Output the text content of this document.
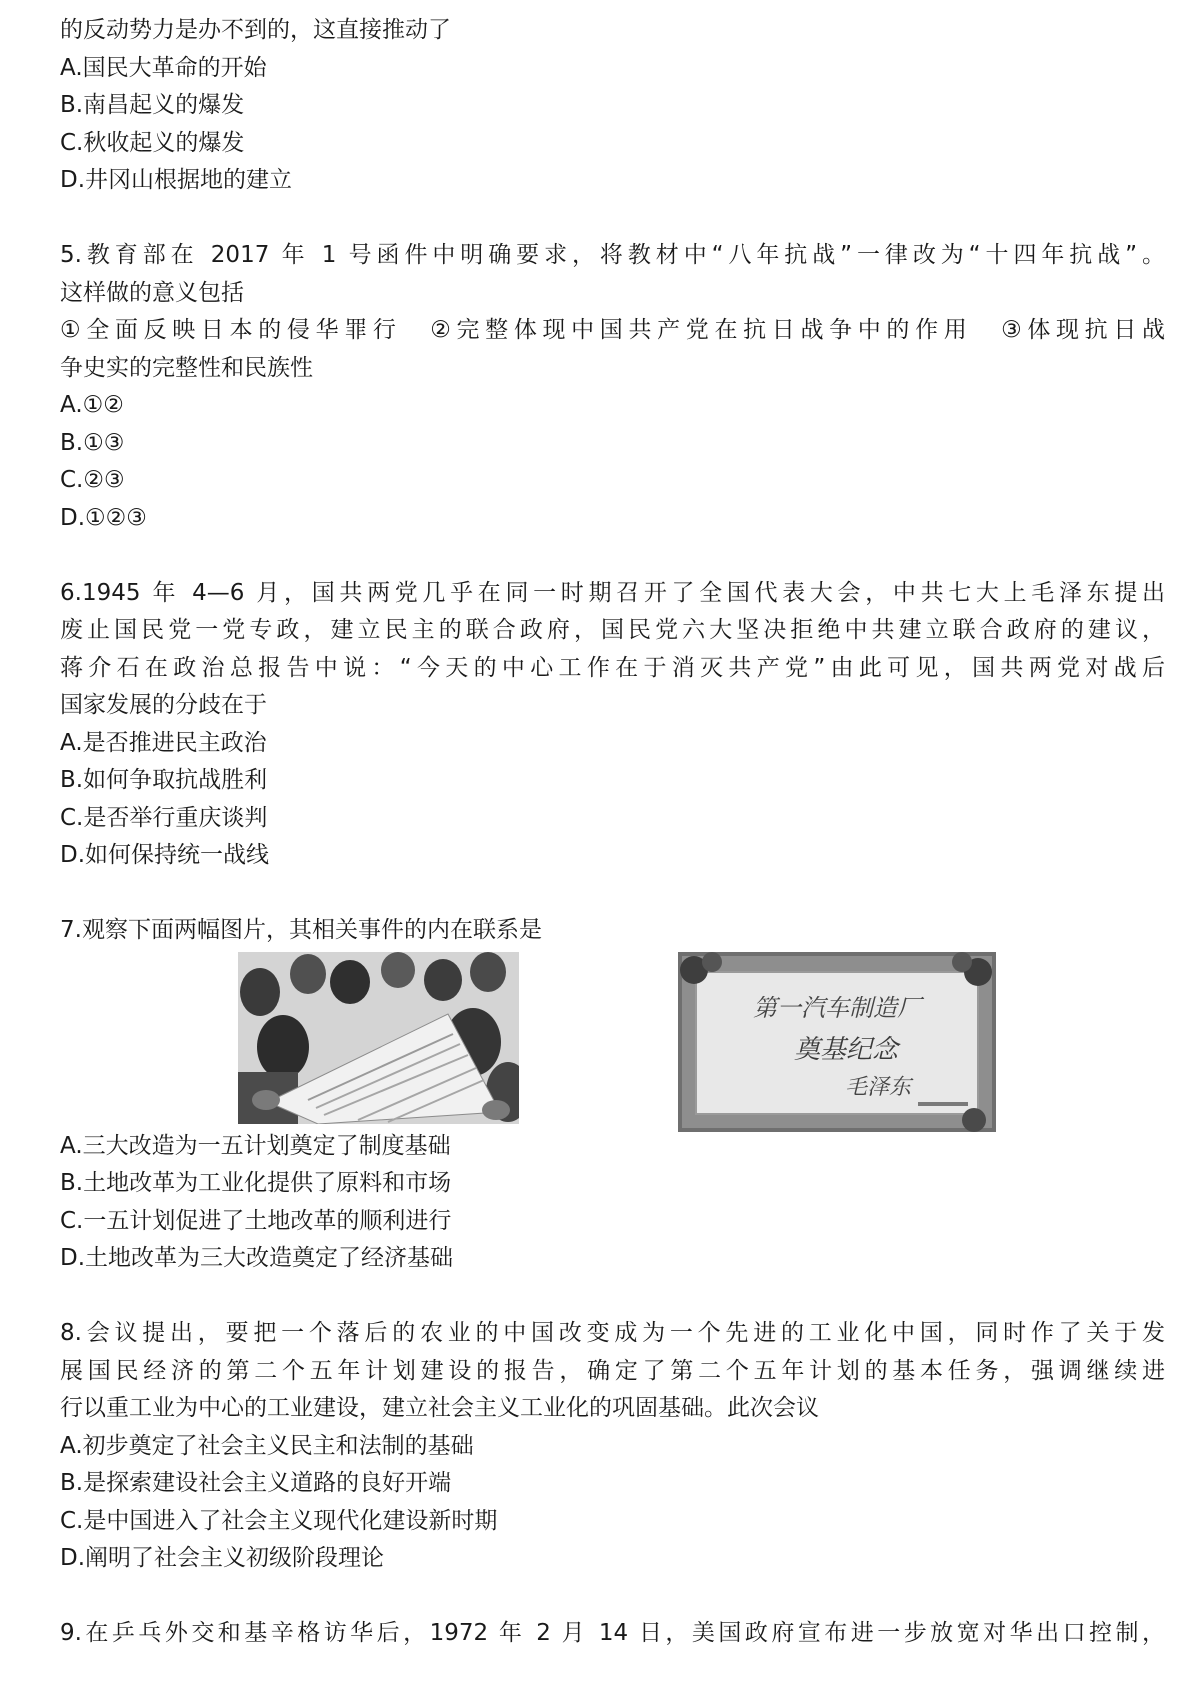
的反动势力是办不到的，这直接推动了
A.国民大革命的开始
B.南昌起义的爆发
C.秋收起义的爆发
D.井冈山根据地的建立
5.教育部在 2017 年 1 号函件中明确要求，将教材中“八年抗战”一律改为“十四年抗战”。
这样做的意义包括
①全面反映日本的侵华罪行　②完整体现中国共产党在抗日战争中的作用　③体现抗日战
争史实的完整性和民族性
A.①②
B.①③
C.②③
D.①②③
6.1945 年 4—6 月，国共两党几乎在同一时期召开了全国代表大会，中共七大上毛泽东提出
废止国民党一党专政，建立民主的联合政府，国民党六大坚决拒绝中共建立联合政府的建议，
蒋介石在政治总报告中说：“今天的中心工作在于消灭共产党”由此可见，国共两党对战后
国家发展的分歧在于
A.是否推进民主政治
B.如何争取抗战胜利
C.是否举行重庆谈判
D.如何保持统一战线
7.观察下面两幅图片，其相关事件的内在联系是
第一汽车制造厂
奠基纪念
毛泽东
A.三大改造为一五计划奠定了制度基础
B.土地改革为工业化提供了原料和市场
C.一五计划促进了土地改革的顺利进行
D.土地改革为三大改造奠定了经济基础
8.会议提出，要把一个落后的农业的中国改变成为一个先进的工业化中国，同时作了关于发
展国民经济的第二个五年计划建设的报告，确定了第二个五年计划的基本任务，强调继续进
行以重工业为中心的工业建设，建立社会主义工业化的巩固基础。此次会议
A.初步奠定了社会主义民主和法制的基础
B.是探索建设社会主义道路的良好开端
C.是中国进入了社会主义现代化建设新时期
D.阐明了社会主义初级阶段理论
9.在乒乓外交和基辛格访华后，1972 年 2 月 14 日，美国政府宣布进一步放宽对华出口控制，
